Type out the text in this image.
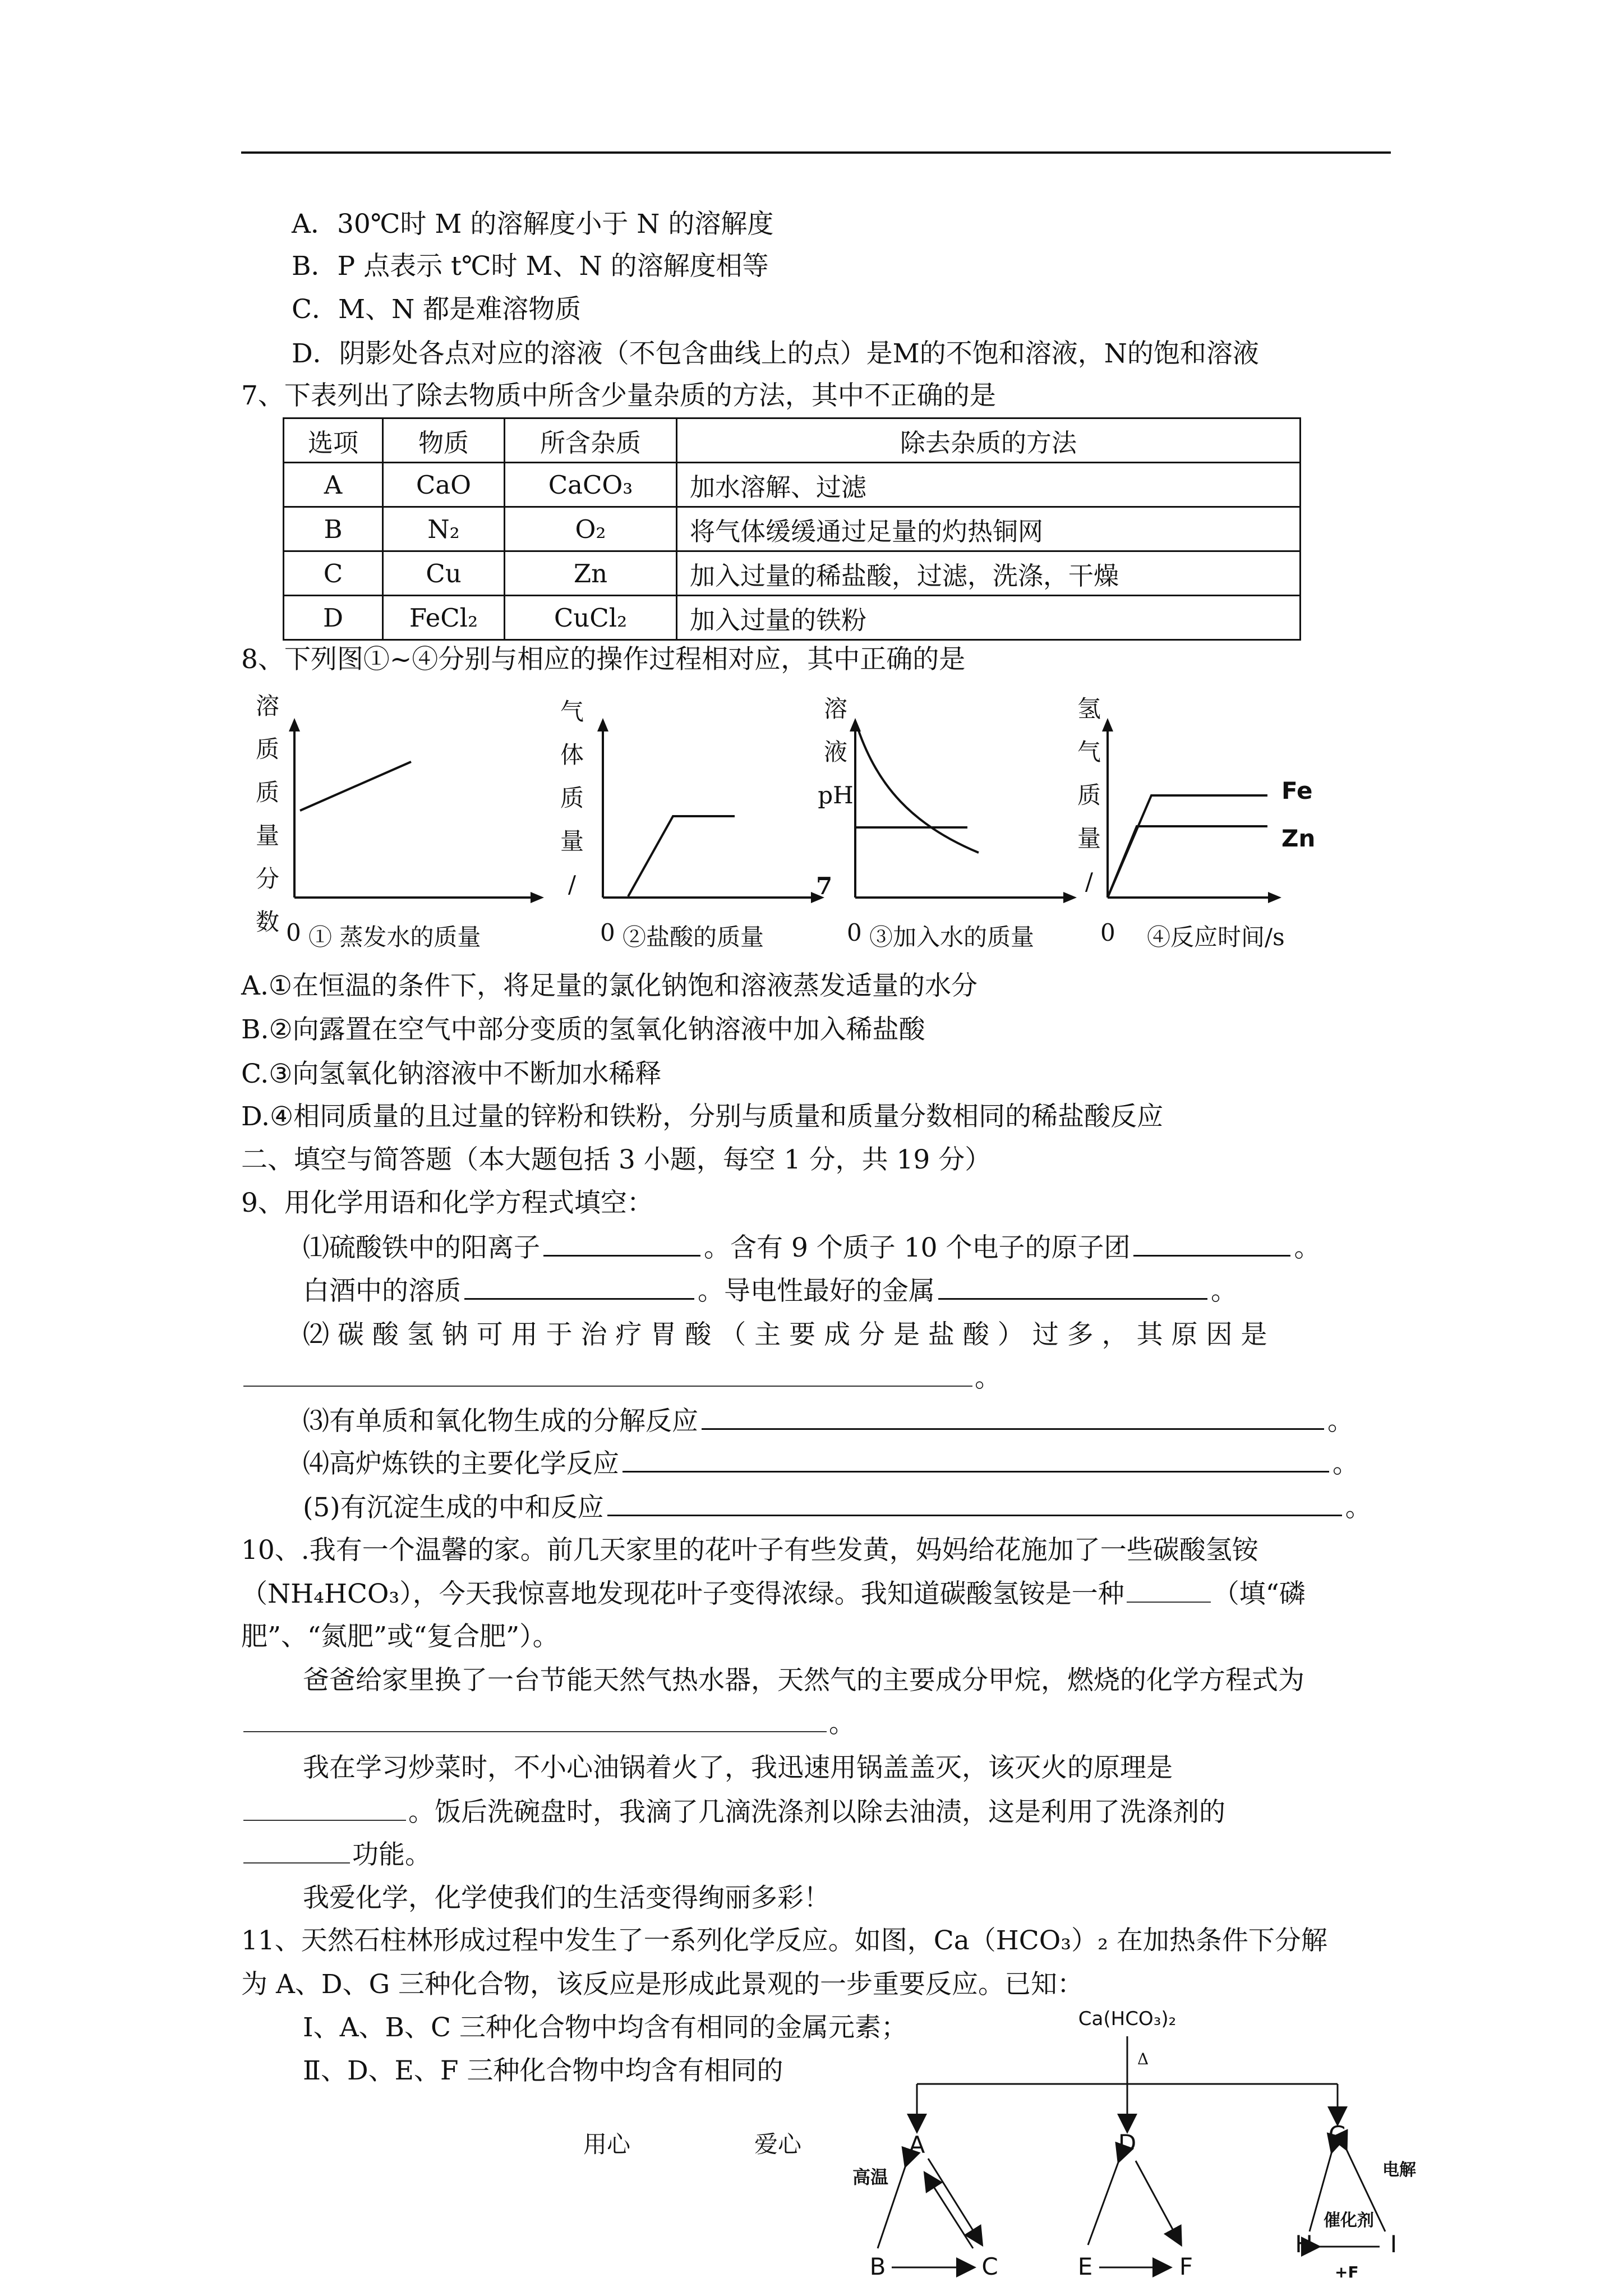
A．30℃时 M 的溶解度小于 N 的溶解度
B．P 点表示 t℃时 M、N 的溶解度相等
C．M、N 都是难溶物质
D．阴影处各点对应的溶液（不包含曲线上的点）是M的不饱和溶液，N的饱和溶液
7、下表列出了除去物质中所含少量杂质的方法，其中不正确的是
选项	物质	所含杂质	除去杂质的方法
A	CaO	CaCO₃	加水溶解、过滤
B	N₂	O₂	将气体缓缓通过足量的灼热铜网
C	Cu	Zn	加入过量的稀盐酸，过滤，洗涤，干燥
D	FeCl₂	CuCl₂	加入过量的铁粉
8、下列图①~④分别与相应的操作过程相对应，其中正确的是
溶
质
质
量
分
数 0 ① 蒸发水的质量
气
体
质
量
/
0 ②盐酸的质量
溶
液
pH
7
0 ③加入水的质量
氢
气
质
量
/
Fe
Zn
0 ④反应时间/s
A.①在恒温的条件下，将足量的氯化钠饱和溶液蒸发适量的水分
B.②向露置在空气中部分变质的氢氧化钠溶液中加入稀盐酸
C.③向氢氧化钠溶液中不断加水稀释
D.④相同质量的且过量的锌粉和铁粉，分别与质量和质量分数相同的稀盐酸反应
二、填空与简答题（本大题包括 3 小题，每空 1 分，共 19 分）
9、用化学用语和化学方程式填空：
⑴硫酸铁中的阳离子	。含有 9 个质子 10 个电子的原子团	。
白酒中的溶质	。导电性最好的金属	。
⑵ 碳 酸 氢 钠 可 用 于 治 疗 胃 酸 （ 主 要 成 分 是 盐 酸 ） 过 多 ， 其 原 因 是
。
⑶有单质和氧化物生成的分解反应	。
⑷高炉炼铁的主要化学反应	。
(5)有沉淀生成的中和反应	。
10、.我有一个温馨的家。前几天家里的花叶子有些发黄，妈妈给花施加了一些碳酸氢铵
（NH₄HCO₃），今天我惊喜地发现花叶子变得浓绿。我知道碳酸氢铵是一种	（填“磷
肥”、“氮肥”或“复合肥”）。
爸爸给家里换了一台节能天然气热水器，天然气的主要成分甲烷，燃烧的化学方程式为
。
我在学习炒菜时，不小心油锅着火了，我迅速用锅盖盖灭，该灭火的原理是
。饭后洗碗盘时，我滴了几滴洗涤剂以除去油渍，这是利用了洗涤剂的
功能。
我爱化学，化学使我们的生活变得绚丽多彩！
11、天然石柱林形成过程中发生了一系列化学反应。如图，Ca（HCO₃）₂ 在加热条件下分解
为 A、D、G 三种化合物，该反应是形成此景观的一步重要反应。已知：
Ⅰ、A、B、C 三种化合物中均含有相同的金属元素；
Ⅱ、D、E、F 三种化合物中均含有相同的
用心	爱心
Ca(HCO₃)₂
Δ
A
高温
B	C
D
E	F
G
H	I
电解
催化剂
+F
